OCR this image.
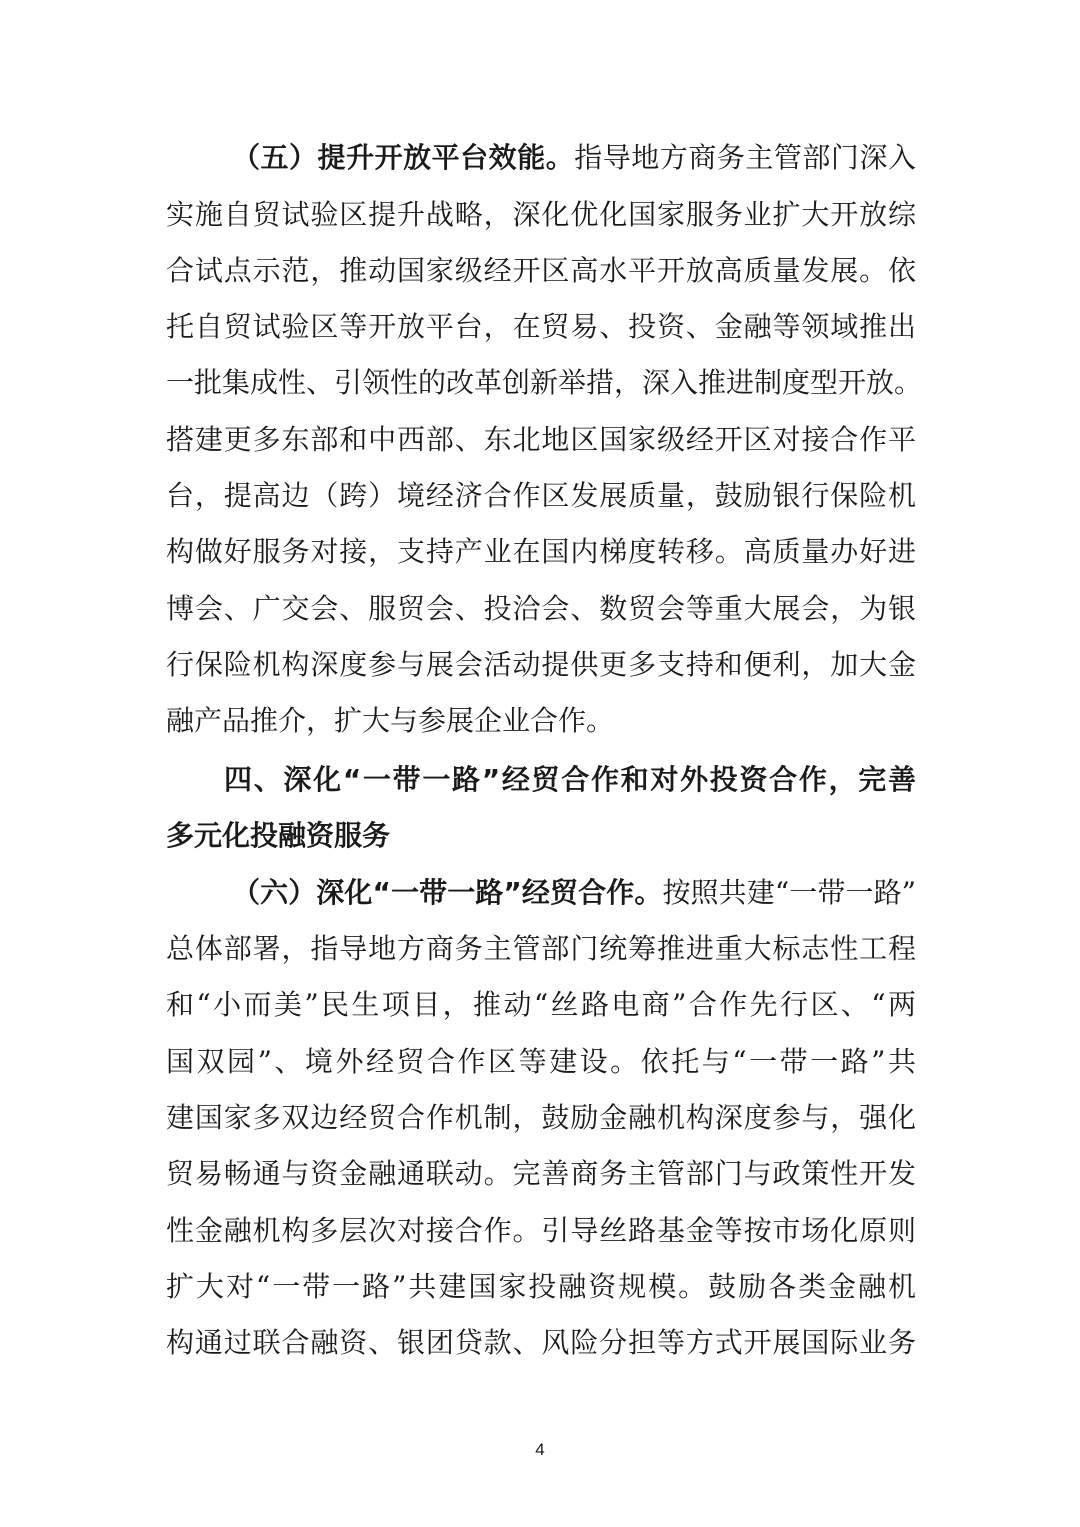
（五）提升开放平台效能。指导地方商务主管部门深入
实施自贸试验区提升战略，深化优化国家服务业扩大开放综
合试点示范，推动国家级经开区高水平开放高质量发展。依
托自贸试验区等开放平台，在贸易、投资、金融等领域推出
一批集成性、引领性的改革创新举措，深入推进制度型开放。
搭建更多东部和中西部、东北地区国家级经开区对接合作平
台，提高边（跨）境经济合作区发展质量，鼓励银行保险机
构做好服务对接，支持产业在国内梯度转移。高质量办好进
博会、广交会、服贸会、投洽会、数贸会等重大展会，为银
行保险机构深度参与展会活动提供更多支持和便利，加大金
融产品推介，扩大与参展企业合作。
四、深化“一带一路”经贸合作和对外投资合作，完善
多元化投融资服务
（六）深化“一带一路”经贸合作。按照共建“一带一路”
总体部署，指导地方商务主管部门统筹推进重大标志性工程
和“小而美”民生项目，推动“丝路电商”合作先行区、“两
国双园”、境外经贸合作区等建设。依托与“一带一路”共
建国家多双边经贸合作机制，鼓励金融机构深度参与，强化
贸易畅通与资金融通联动。完善商务主管部门与政策性开发
性金融机构多层次对接合作。引导丝路基金等按市场化原则
扩大对“一带一路”共建国家投融资规模。鼓励各类金融机
构通过联合融资、银团贷款、风险分担等方式开展国际业务
4
